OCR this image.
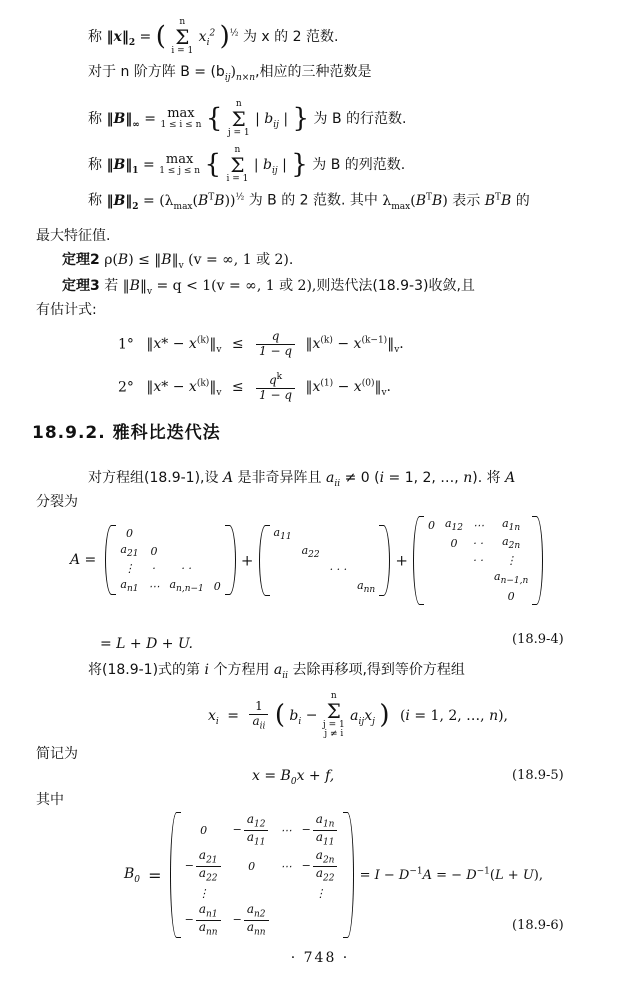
称 $‖x‖_2$ = (	n
Σ
i = 1
$x_i^2$ )$^{\frac{1}{2}}$ 为 x 的 2 范数.
对于 n 阶方阵 $B = (b_{ij})_{n\times n}$,相应的三种范数是
称 $‖B‖_\infty = \max$
1 ≤ i ≤ n {	n
Σ
j = 1
| $b_{ij}$ | } 为 B 的行范数.
称 $‖B‖_1 = \max$
1 ≤ j ≤ n {	n
Σ
i = 1
| $b_{ij}$ | } 为 B 的列范数.
称 $‖B‖_2 = (\lambda_{max}(B^TB))^{\frac{1}{2}}$ 为 B 的 2 范数. 其中 $\lambda_{max}(B^TB)$ 表示 $B^TB$ 的
最大特征值.
定理2 $\rho(B) \le ‖B‖_v$ (v = ∞, 1 或 2).
定理3 若 $‖B‖_v = q < 1(v$ = ∞, 1 或 2),则迭代法(18.9-3)收敛,且
有估计式:
1° ‖x* − $x^{(k)}‖_v \le \frac{q}{1 - q}$ $‖x^{(k)}$ − $x^{(k-1)}‖_v$.
2° ‖x* − $x^{(k)}‖_v \le \frac{q^k}{1 - q}$ $‖x^{(1)}$ − $x^{(0)}‖_v$.
18.9.2. 雅科比迭代法
对方程组(18.9-1),设 A 是非奇异阵且 $a_{ii} \ne 0$ (i = 1, 2, …, n). 将 A
分裂为
A =
0			
$a_{21}$	0		
⋮	·	· ·	
$a_{n1}$	⋯	$a_{n,n-1}$	0
+
$a_{11}$			
	$a_{22}$		
		· · ·	
			$a_{nn}$
+
0	$a_{12}$	⋯	$a_{1n}$
	0	· ·	$a_{2n}$
		· ·	⋮
			$a_{n-1,n}$
			0
= L + D + U.	(18.9-4)
将(18.9-1)式的第 i 个方程用 $a_{ii}$ 去除再移项,得到等价方程组
$x_i = \frac{1}{a_{ii}}$ ( $b_i$ −
n
Σ
j = 1
j ≠ i
$a_{ij}x_j$ ) (i = 1, 2, …, n),
简记为
$x = B_0x + f$,	(18.9-5)
其中
$B_0$ =
0	− $\frac{a_{12}}{a_{11}}$	⋯	− $\frac{a_{1n}}{a_{11}}$

− $\frac{a_{21}}{a_{22}}$	0	⋯	− $\frac{a_{2n}}{a_{22}}$

⋮			⋮
− $\frac{a_{n1}}{a_{nn}}$	− $\frac{a_{n2}}{a_{nn}}$

= $I - D^{-1}A$ = − $D^{-1}(L + U)$,
(18.9-6)
· 748 ·
